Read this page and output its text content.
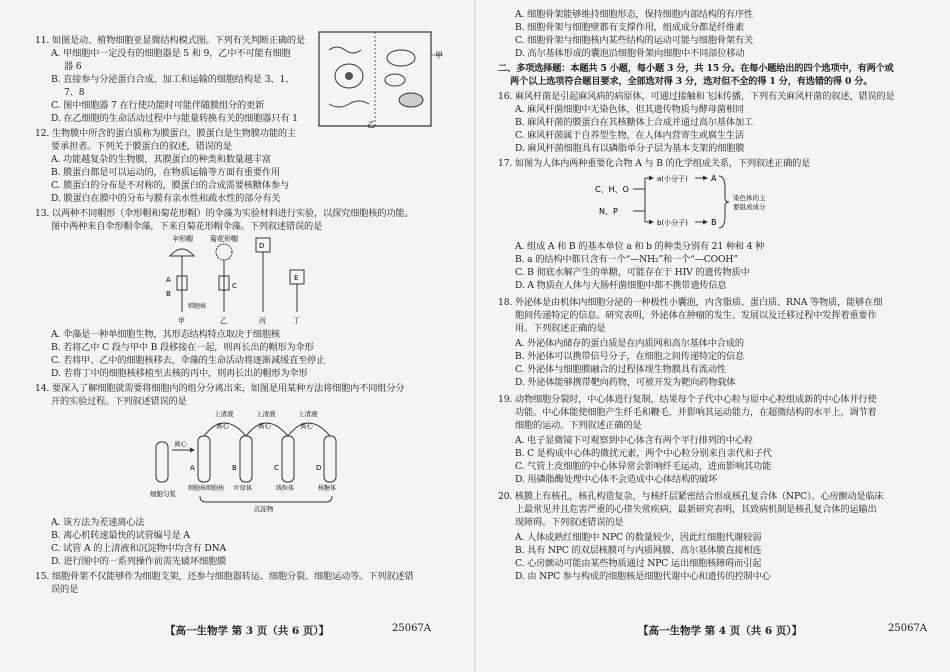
11. 如图是动、植物细胞亚显微结构模式图。下列有关判断正确的是
A. 甲细胞中一定没有的细胞器是 5 和 9，乙中不可能有细胞
器 6
B. 直接参与分泌蛋白合成、加工和运输的细胞结构是 3、1、
7、8
C. 图中细胞器 7 在行使功能时可能伴随膜组分的更新
D. 在乙细胞的生命活动过程中与能量转换有关的细胞器只有 1
12. 生物膜中所含的蛋白质称为膜蛋白，膜蛋白是生物膜功能的主
要承担者。下列关于膜蛋白的叙述，错误的是
A. 功能越复杂的生物膜，其膜蛋白的种类和数量越丰富
B. 膜蛋白都是可以运动的，在物质运输等方面有重要作用
C. 膜蛋白的分布是不对称的，膜蛋白的合成需要核糖体参与
D. 膜蛋白在膜中的分布与膜有亲水性和疏水性的部分有关
13. 以两种不同帽形（伞形帽和菊花形帽）的伞藻为实验材料进行实验，以探究细胞核的功能。
图中两种来自伞形帽伞藻，下来自菊花形帽伞藻。下列叙述错误的是
A. 伞藻是一种单细胞生物，其形态结构特点取决于细胞核
B. 若将乙中 C 段与甲中 B 段移接在一起，则再长出的帽形为伞形
C. 若将甲、乙中的细胞核移去，伞藻的生命活动将逐渐减缓直至停止
D. 若将丁中的细胞核移植至去核的丙中，则再长出的帽形为伞形
14. 要深入了解细胞就需要将细胞内的组分分离出来，如图是用某种方法将细胞内不同组分分
开的实验过程。下列叙述错误的是
A. 该方法为差速离心法
B. 离心机转速最快的试管编号是 A
C. 试管 A 的上清液和沉淀物中均含有 DNA
D. 进行图中的一系列操作前需先破坏细胞膜
15. 细胞骨架不仅能够作为细胞支架，还参与细胞器转运、细胞分裂、细胞运动等。下列叙述错
误的是
甲
乙
伞形帽 菊花形帽
A
B
C
细胞核
D
E
甲	乙	丙	丁
细胞匀浆
离心
上清液	上清液	上清液
离心	离心	离心
A	B	C	D
细胞核细胞核 叶绿体	线粒体	核糖体
沉淀物
【高一生物学 第 3 页（共 6 页）】	25067A
A. 细胞骨架能够维持细胞形态，保持细胞内部结构的有序性
B. 细胞骨架与细胞壁都有支撑作用，组成成分都是纤维素
C. 细胞骨架与细胞核内某些结构的运动可能与细胞骨架有关
D. 高尔基体形成的囊泡沿细胞骨架向细胞中不同部位移动
二、多项选择题：本题共 5 小题，每小题 3 分，共 15 分。在每小题给出的四个选项中，有两个或
两个以上选项符合题目要求，全部选对得 3 分，选对但不全的得 1 分，有选错的得 0 分。
16. 麻风杆菌是引起麻风病的病原体，可通过接触和飞沫传播，下列有关麻风杆菌的叙述，错误的是
A. 麻风杆菌细胞中无染色体，但其遗传物质与酵母菌相同
B. 麻风杆菌的膜蛋白在其核糖体上合成并通过高尔基体加工
C. 麻风杆菌属于自养型生物，在人体内营寄生或腐生生活
D. 麻风杆菌细胞具有以磷脂单分子层为基本支架的细胞膜
17. 如图为人体内两种重要化合物 A 与 B 的化学组成关系，下列叙述正确的是
A. 组成 A 和 B 的基本单位 a 和 b 的种类分别有 21 种和 4 种
B. a 的结构中都只含有一个“—NH₂”和一个“—COOH”
C. B 彻底水解产生的单糖，可能存在于 HIV 的遗传物质中
D. A 物质在人体与大肠杆菌细胞中都不携带遗传信息
18. 外泌体是由机体内细胞分泌的一种极性小囊泡，内含脂质、蛋白质、RNA 等物质，能够在细
胞间传递特定的信息。研究表明，外泌体在肿瘤的发生、发展以及迁移过程中发挥着重要作
用。下列叙述正确的是
A. 外泌体内储存的蛋白质是在内质网和高尔基体中合成的
B. 外泌体可以携带信号分子，在细胞之间传递特定的信息
C. 外泌体与细胞膜融合的过程体现生物膜具有流动性
D. 外泌体能够携带靶向药物，可被开发为靶向药物载体
19. 动物细胞分裂时，中心体进行复制，结果每个子代中心粒与原中心粒组成新的中心体并行使
功能。中心体能使细胞产生纤毛和鞭毛，并影响其运动能力，在超微结构的水平上，调节着
细胞的运动。下列叙述正确的是
A. 电子显微镜下可观察到中心体含有两个平行排列的中心粒
B. C 是构成中心体的微扰元素，两个中心粒分别来自亲代和子代
C. 气管上皮细胞的中心体异常会影响纤毛运动，进而影响其功能
D. 用磷脂酶处理中心体不会造成中心体结构的破坏
20. 核膜上有核孔，核孔构造复杂，与核纤层紧密结合形成核孔复合体（NPC）。心房颤动是临床
上最常见并且危害严重的心律失常疾病，最新研究表明，其致病机制是核孔复合体的运输出
现障碍。下列叙述错误的是
A. 人体成熟红细胞中 NPC 的数量较少，因此红细胞代谢较弱
B. 具有 NPC 的双层核膜可与内质网膜、高尔基体膜直接相连
C. 心房颤动可能由某些物质通过 NPC 运出细胞核障碍而引起
D. 由 NPC 参与构成的细胞核是细胞代谢中心和遗传的控制中心
C、H、O
N、P
a(小分子)
b(小分子)
A
B
染色体的主要组成成分
【高一生物学 第 4 页（共 6 页）】	25067A
